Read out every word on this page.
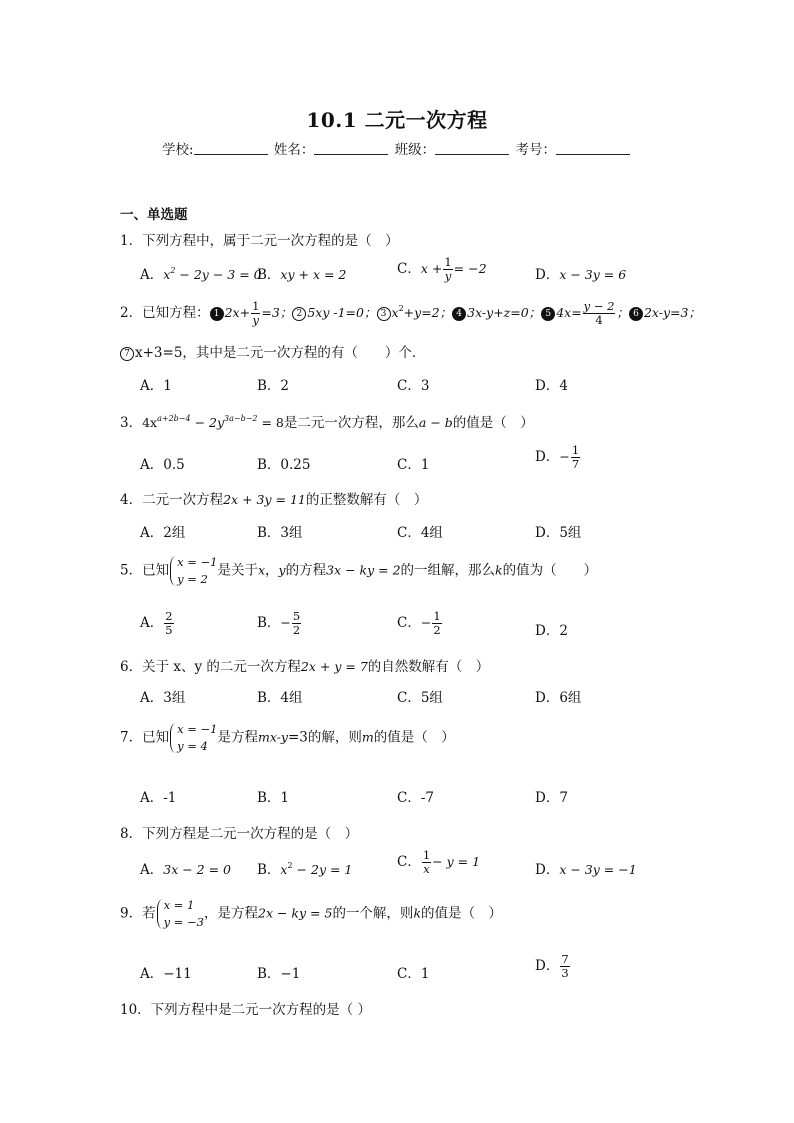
10.1 二元一次方程
学校:	姓名：	班级：	考号：
一、单选题
1．下列方程中，属于二元一次方程的是（　）
A．$x^2 - 2y - 3 = 0$
B．xy + x = 2	C．$x + \frac{1}{y} = -2$	D．x − 3y = 6
2．已知方程： 1 $2x+ \frac{1}{y} =3$； 2 5xy -1=0； 3 $x^2+y=2$； 4 3x-y+z=0； 5 $4x= \frac{y - 2}{4}$ ； 6 2x-y=3；
7 x+3=5，其中是二元一次方程的有（　　）个．
A．1	B．2	C．3	D．4
3．$4x^{a+2b-4} - 2y^{3a-b-2} = 8$是二元一次方程，那么a − b的值是（　）
A．0.5	B．0.25	C．1	D．− $\frac{1}{7}$
4．二元一次方程2x + 3y = 11的正整数解有（　）
A．2组	B．3组	C．4组	D．5组
5．已知
x = −1
y = 2
是关于x，y的方程3x − ky = 2的一组解，那么k的值为（　　）
A． $\frac{2}{5}$	B．− $\frac{5}{2}$	C．− $\frac{1}{2}$	D．2
6．关于 x、y 的二元一次方程2x + y = 7的自然数解有（　）
A．3组	B．4组	C．5组	D．6组
7．已知
x = −1
y = 4
是方程mx-y=3的解，则m的值是（　）
A．-1	B．1	C．-7	D．7
8．下列方程是二元一次方程的是（　）
A．3x − 2 = 0 B．$x^2 - 2y = 1$	C． $\frac{1}{x} - y = 1$
D．x − 3y = −1
9．若
x = 1
y = −3
，是方程2x − ky = 5的一个解，则k的值是（　）
A．−11	B．−1	C．1	D． $\frac{7}{3}$
10．下列方程中是二元一次方程的是（ ）
